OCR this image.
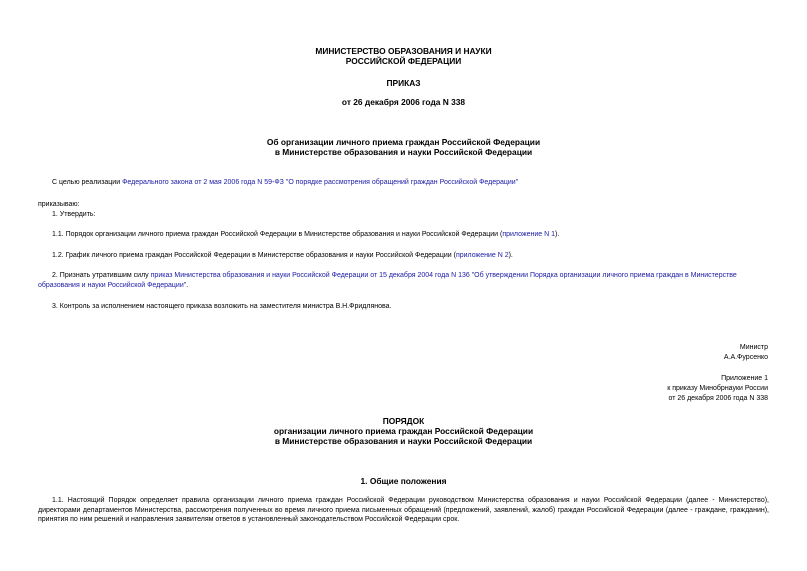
МИНИСТЕРСТВО ОБРАЗОВАНИЯ И НАУКИ
РОССИЙСКОЙ ФЕДЕРАЦИИ
ПРИКАЗ
от 26 декабря 2006 года N 338
Об организации личного приема граждан Российской Федерации
в Министерстве образования и науки Российской Федерации
С целью реализации Федерального закона от 2 мая 2006 года N 59-ФЗ "О порядке рассмотрения обращений граждан Российской Федерации"
приказываю:
1. Утвердить:
1.1. Порядок организации личного приема граждан Российской Федерации в Министерстве образования и науки Российской Федерации (приложение N 1).
1.2. График личного приема граждан Российской Федерации в Министерстве образования и науки Российской Федерации (приложение N 2).
2. Признать утратившим силу приказ Министерства образования и науки Российской Федерации от 15 декабря 2004 года N 136 "Об утверждении Порядка организации личного приема граждан в Министерстве
образования и науки Российской Федерации".
3. Контроль за исполнением настоящего приказа возложить на заместителя министра В.Н.Фридлянова.
Министр
А.А.Фурсенко
Приложение 1
к приказу Минобрнауки России
от 26 декабря 2006 года N 338
ПОРЯДОК
организации личного приема граждан Российской Федерации
в Министерстве образования и науки Российской Федерации
1. Общие положения
1.1. Настоящий Порядок определяет правила организации личного приема граждан Российской Федерации руководством Министерства образования и науки Российской Федерации (далее - Министерство), директорами департаментов Министерства, рассмотрения полученных во время личного приема письменных обращений (предложений, заявлений, жалоб) граждан Российской Федерации (далее - граждане, гражданин), принятия по ним решений и направления заявителям ответов в установленный законодательством Российской Федерации срок.
